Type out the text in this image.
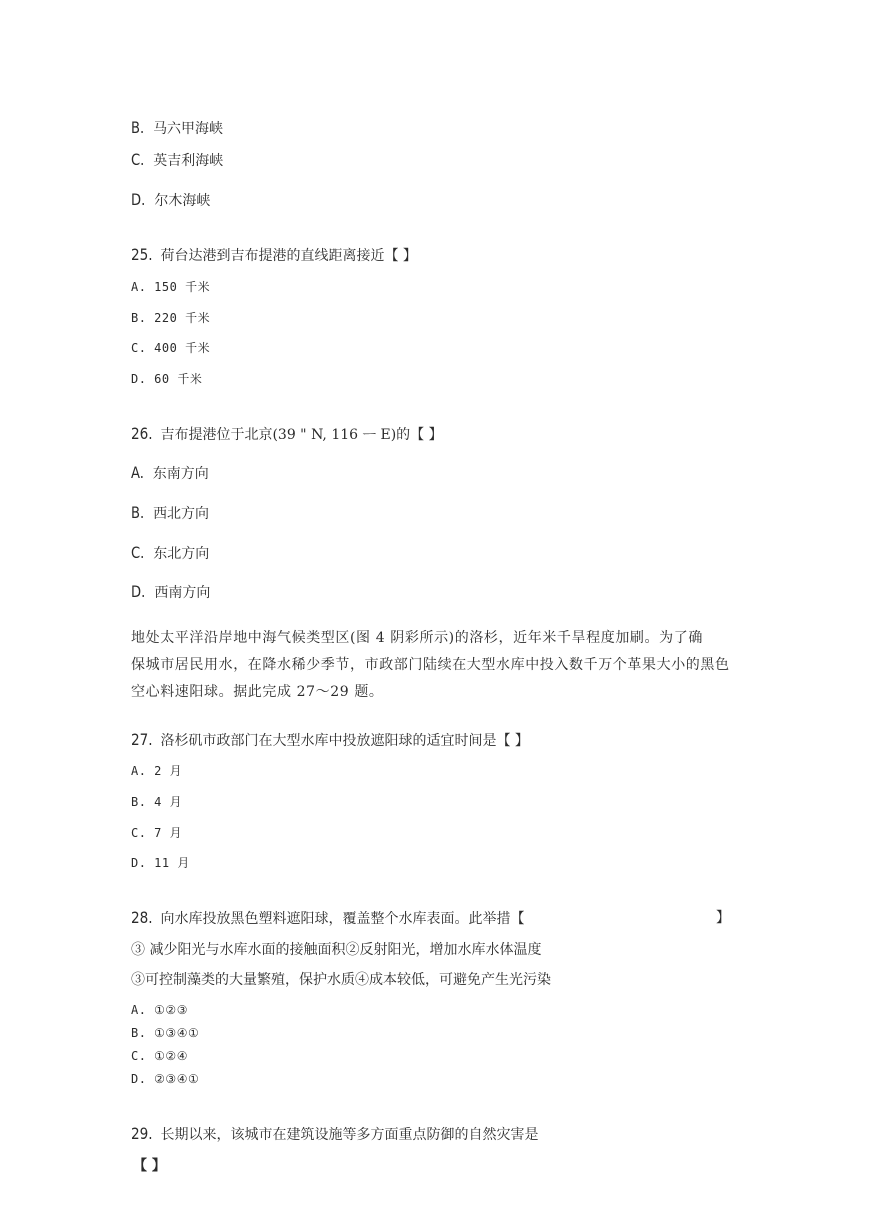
B. 马六甲海峡
C. 英吉利海峡
D. 尔木海峡
25. 荷台达港到吉布提港的直线距离接近【 】
A. 150 千米
B. 220 千米
C. 400 千米
D. 60 千米
26. 吉布提港位于北京(39 " N, 116 ᅳ E)的【 】
A. 东南方向
B. 西北方向
C. 东北方向
D. 西南方向
地处太平洋沿岸地中海气候类型区(图 4 阴彩所示)的洛杉，近年米千旱程度加刷。为了确
保城市居民用水，在降水稀少季节，市政部门陆续在大型水库中投入数千万个革果大小的黑色
空心料速阳球。据此完成 27～29 题。
27. 洛杉矶市政部门在大型水库中投放遮阳球的适宜时间是【 】
A. 2 月
B. 4 月
C. 7 月
D. 11 月
28. 向水库投放黑色塑料遮阳球，覆盖整个水库表面。此举措【	】
③ 减少阳光与水库水面的接触面积②反射阳光，增加水库水体温度
③可控制藻类的大量繁殖，保护水质④成本较低，可避免产生光污染
A. ①②③
B. ①③④①
C. ①②④
D. ②③④①
29. 长期以来，该城市在建筑设施等多方面重点防御的自然灾害是
【 】
